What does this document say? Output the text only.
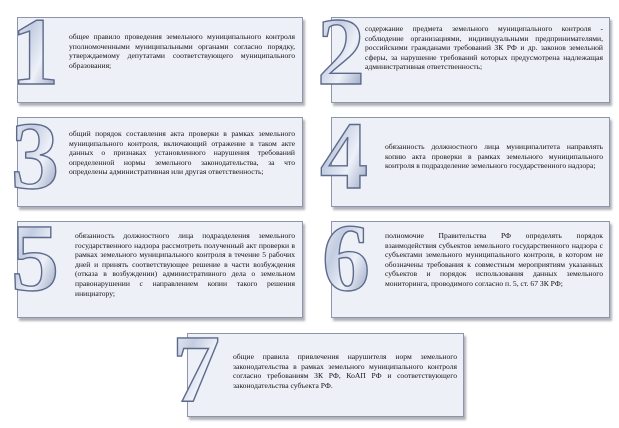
общее правило проведения земельного муниципального контроля уполномоченными муниципальными органами согласно порядку, утверждаемому депутатами соответствующего муниципального образования;
1	содержание предмета земельного муниципального контроля - соблюдение организациями, индивидуальными предпринимателями, российскими гражданами требований ЗК РФ и др. законов земельной сферы, за нарушение требований которых предусмотрена надлежащая административная ответственность;
2
общий порядок составления акта проверки в рамках земельного муниципального контроля, включающий отражение в таком акте данных о признаках установленного нарушения требований определенной нормы земельного законодательства, за что определены административная или другая ответственность;
3	обязанность должностного лица муниципалитета направлять копию акта проверки в рамках земельного муниципального контроля в подразделение земельного государственного надзора;
4
обязанность должностного лица подразделения земельного государственного надзора рассмотреть полученный акт проверки в рамках земельного муниципального контроля в течение 5 рабочих дней и принять соответствующее решение в части возбуждения (отказа в возбуждении) административного дела о земельном правонарушении с направлением копии такого решения инициатору;
5	полномочие Правительства РФ определять порядок взаимодействия субъектов земельного государственного надзора с субъектами земельного муниципального контроля, в котором не обозначены требования к совместным мероприятиям указанных субъектов и порядок использования данных земельного мониторинга, проводимого согласно п. 5, ст. 67 ЗК РФ;
6
общие правила привлечения нарушителя норм земельного законодательства в рамках земельного муниципального контроля согласно требованиям ЗК РФ, КоАП РФ и соответствующего законодательства субъекта РФ.
7
